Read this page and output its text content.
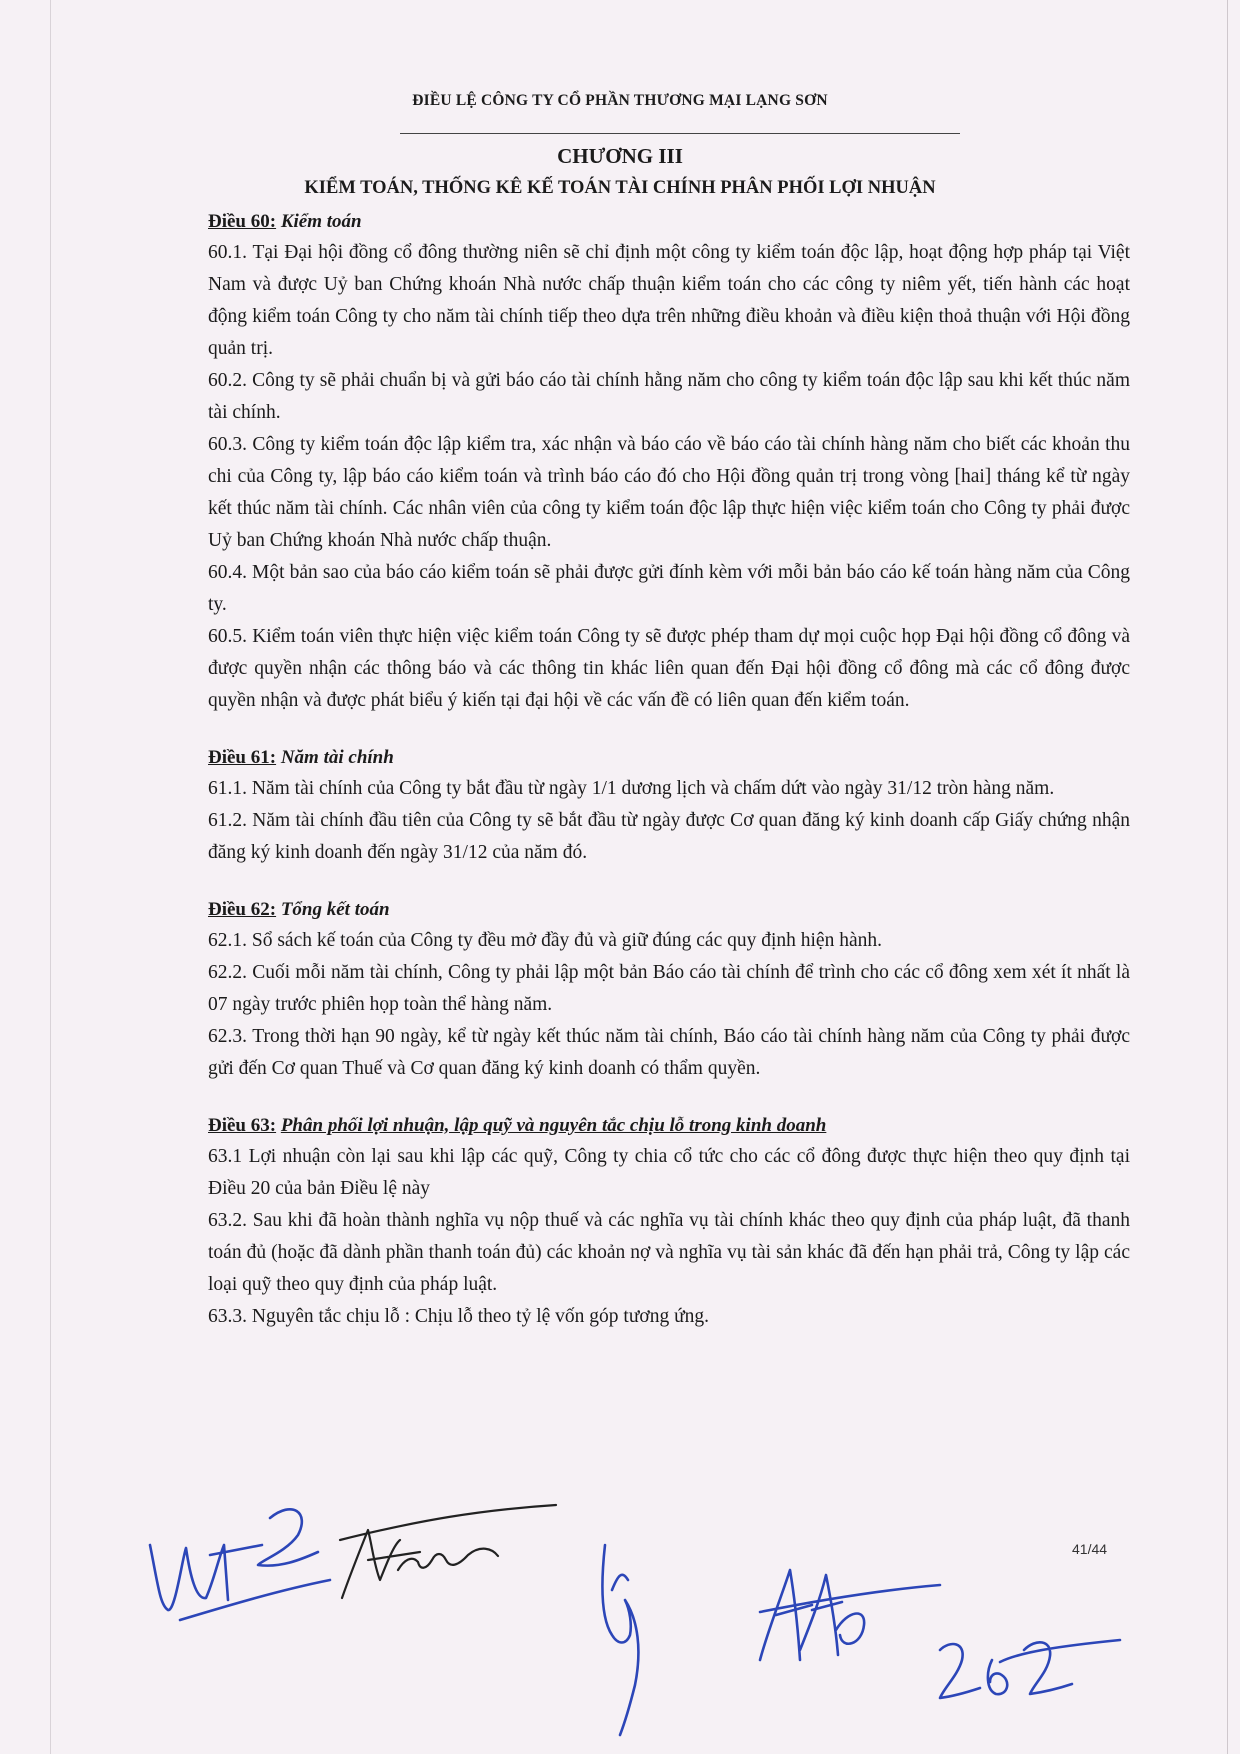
ĐIỀU LỆ CÔNG TY CỔ PHẦN THƯƠNG MẠI LẠNG SƠN
CHƯƠNG III
KIỂM TOÁN, THỐNG KÊ KẾ TOÁN TÀI CHÍNH PHÂN PHỐI LỢI NHUẬN
Điều 60: Kiểm toán

60.1. Tại Đại hội đồng cổ đông thường niên sẽ chỉ định một công ty kiểm toán độc lập, hoạt động hợp pháp tại Việt Nam và được Uỷ ban Chứng khoán Nhà nước chấp thuận kiểm toán cho các công ty niêm yết, tiến hành các hoạt động kiểm toán Công ty cho năm tài chính tiếp theo dựa trên những điều khoản và điều kiện thoả thuận với Hội đồng quản trị.

60.2. Công ty sẽ phải chuẩn bị và gửi báo cáo tài chính hằng năm cho công ty kiểm toán độc lập sau khi kết thúc năm tài chính.

60.3. Công ty kiểm toán độc lập kiểm tra, xác nhận và báo cáo về báo cáo tài chính hàng năm cho biết các khoản thu chi của Công ty, lập báo cáo kiểm toán và trình báo cáo đó cho Hội đồng quản trị trong vòng [hai] tháng kể từ ngày kết thúc năm tài chính. Các nhân viên của công ty kiểm toán độc lập thực hiện việc kiểm toán cho Công ty phải được Uỷ ban Chứng khoán Nhà nước chấp thuận.

60.4. Một bản sao của báo cáo kiểm toán sẽ phải được gửi đính kèm với mỗi bản báo cáo kế toán hàng năm của Công ty.

60.5. Kiểm toán viên thực hiện việc kiểm toán Công ty sẽ được phép tham dự mọi cuộc họp Đại hội đồng cổ đông và được quyền nhận các thông báo và các thông tin khác liên quan đến Đại hội đồng cổ đông mà các cổ đông được quyền nhận và được phát biểu ý kiến tại đại hội về các vấn đề có liên quan đến kiểm toán.

Điều 61: Năm tài chính

61.1. Năm tài chính của Công ty bắt đầu từ ngày 1/1 dương lịch và chấm dứt vào ngày 31/12 tròn hàng năm.

61.2. Năm tài chính đầu tiên của Công ty sẽ bắt đầu từ ngày được Cơ quan đăng ký kinh doanh cấp Giấy chứng nhận đăng ký kinh doanh đến ngày 31/12 của năm đó.

Điều 62: Tổng kết toán

62.1. Sổ sách kế toán của Công ty đều mở đầy đủ và giữ đúng các quy định hiện hành.

62.2. Cuối mỗi năm tài chính, Công ty phải lập một bản Báo cáo tài chính để trình cho các cổ đông xem xét ít nhất là 07 ngày trước phiên họp toàn thể hàng năm.

62.3. Trong thời hạn 90 ngày, kể từ ngày kết thúc năm tài chính, Báo cáo tài chính hàng năm của Công ty phải được gửi đến Cơ quan Thuế và Cơ quan đăng ký kinh doanh có thẩm quyền.

Điều 63: Phân phối lợi nhuận, lập quỹ và nguyên tắc chịu lỗ trong kinh doanh

63.1 Lợi nhuận còn lại sau khi lập các quỹ, Công ty chia cổ tức cho các cổ đông được thực hiện theo quy định tại Điều 20 của bản Điều lệ này

63.2. Sau khi đã hoàn thành nghĩa vụ nộp thuế và các nghĩa vụ tài chính khác theo quy định của pháp luật, đã thanh toán đủ (hoặc đã dành phần thanh toán đủ) các khoản nợ và nghĩa vụ tài sản khác đã đến hạn phải trả, Công ty lập các loại quỹ theo quy định của pháp luật.

63.3. Nguyên tắc chịu lỗ : Chịu lỗ theo tỷ lệ vốn góp tương ứng.

41/44
